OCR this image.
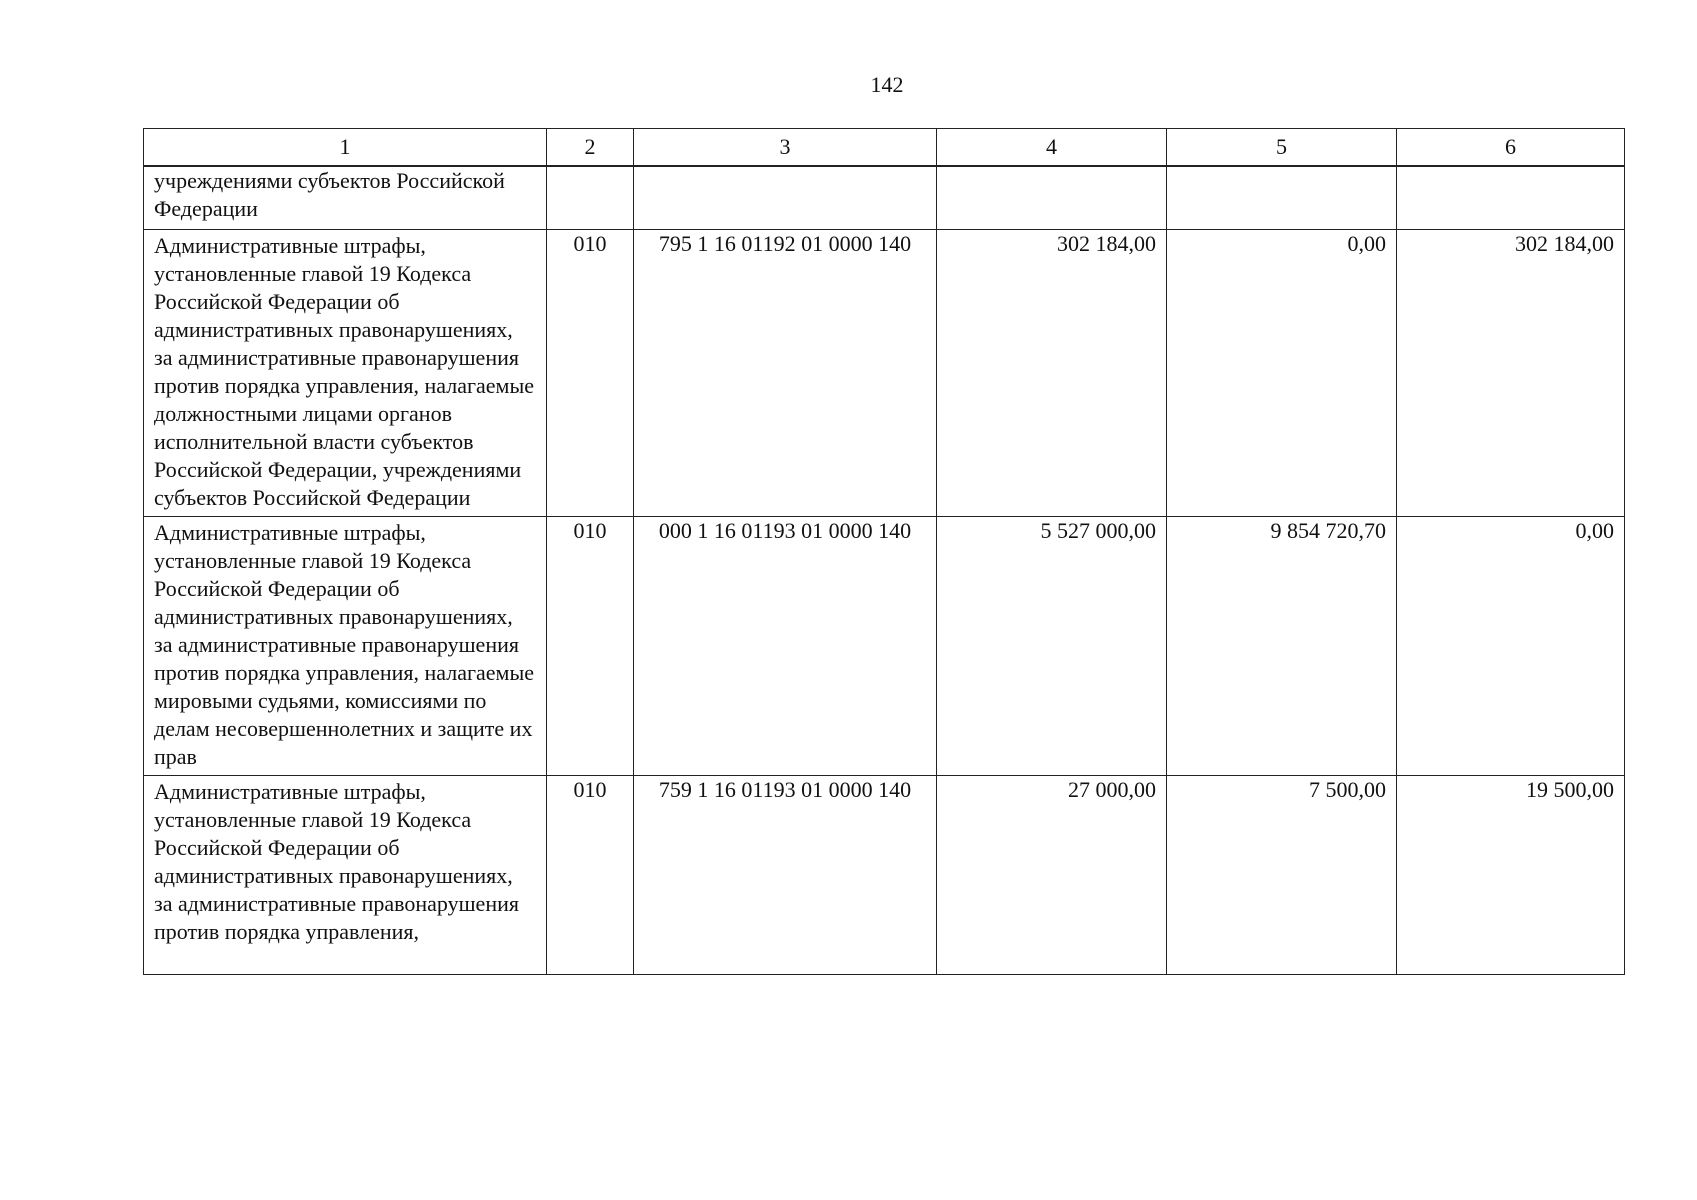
142
1	2	3	4	5	6
учреждениями субъектов Российской Федерации					
Административные штрафы, установленные главой 19 Кодекса Российской Федерации об административных правонарушениях, за административные правонарушения против порядка управления, налагаемые должностными лицами органов исполнительной власти субъектов Российской Федерации, учреждениями субъектов Российской Федерации	010	795 1 16 01192 01 0000 140	302 184,00	0,00	302 184,00
Административные штрафы, установленные главой 19 Кодекса Российской Федерации об административных правонарушениях, за административные правонарушения против порядка управления, налагаемые мировыми судьями, комиссиями по делам несовершеннолетних и защите их прав	010	000 1 16 01193 01 0000 140	5 527 000,00	9 854 720,70	0,00
Административные штрафы, установленные главой 19 Кодекса Российской Федерации об административных правонарушениях, за административные правонарушения против порядка управления,	010	759 1 16 01193 01 0000 140	27 000,00	7 500,00	19 500,00
